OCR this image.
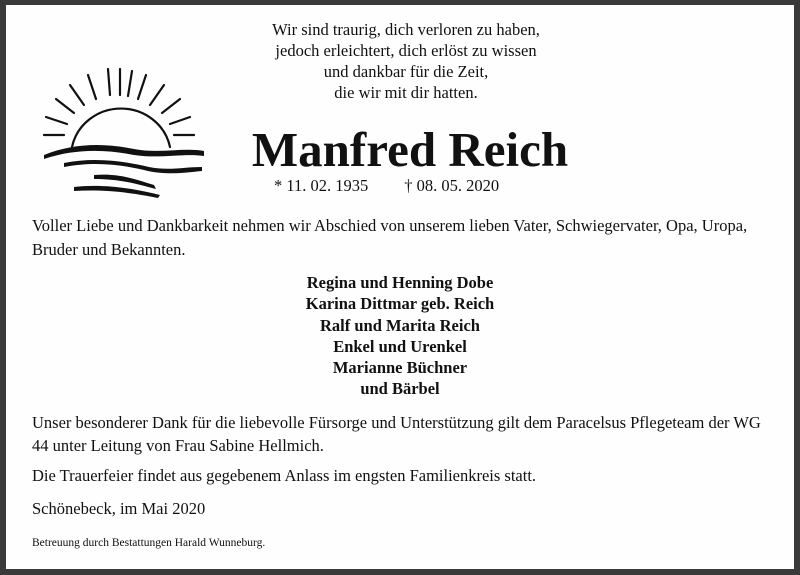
Wir sind traurig, dich verloren zu haben,
jedoch erleichtert, dich erlöst zu wissen
und dankbar für die Zeit,
die wir mit dir hatten.
Manfred Reich
* 11. 02. 1935 † 08. 05. 2020
Voller Liebe und Dankbarkeit nehmen wir Abschied von unserem lieben Vater, Schwiegervater, Opa, Uropa, Bruder und Bekannten.
Regina und Henning Dobe
Karina Dittmar geb. Reich
Ralf und Marita Reich
Enkel und Urenkel
Marianne Büchner
und Bärbel
Unser besonderer Dank für die liebevolle Fürsorge und Unterstützung gilt dem Paracelsus Pflegeteam der WG 44 unter Leitung von Frau Sabine Hellmich.
Die Trauerfeier findet aus gegebenem Anlass im engsten Familienkreis statt.
Schönebeck, im Mai 2020
Betreuung durch Bestattungen Harald Wunneburg.
